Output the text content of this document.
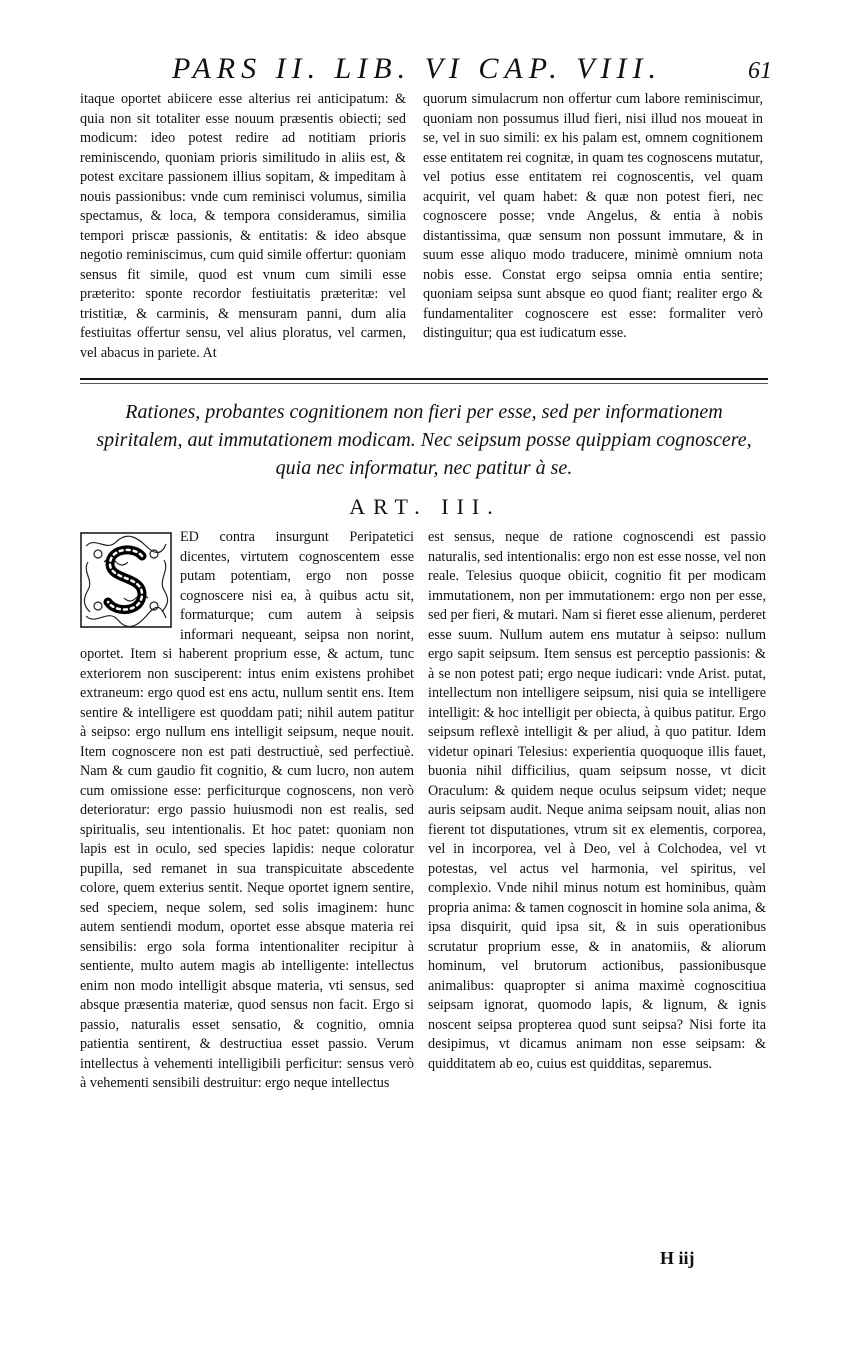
PARS II. LIB. VI CAP. VIII.	61

itaque oportet abiicere esse alterius rei anticipatum: & quia non sit totaliter esse nouum præsentis obiecti; sed modicum: ideo potest redire ad notitiam prioris reminiscendo, quoniam prioris similitudo in aliis est, & potest excitare passionem illius sopitam, & impeditam à nouis passionibus: vnde cum reminisci volumus, similia spectamus, & loca, & tempora consideramus, similia tempori priscæ passionis, & entitatis: & ideo absque negotio reminiscimus, cum quid simile offertur: quoniam sensus fit simile, quod est vnum cum simili esse præterito: sponte recordor festiuitatis præteritæ: vel tristitiæ, & carminis, & mensuram panni, dum alia festiuitas offertur sensu, vel alius ploratus, vel carmen, vel abacus in pariete. At

quorum simulacrum non offertur cum labore reminiscimur, quoniam non possumus illud fieri, nisi illud nos moueat in se, vel in suo simili: ex his palam est, omnem cognitionem esse entitatem rei cognitæ, in quam tes cognoscens mutatur, vel potius esse entitatem rei cognoscentis, vel quam acquirit, vel quam habet: & quæ non potest fieri, nec cognoscere posse; vnde Angelus, & entia à nobis distantissima, quæ sensum non possunt immutare, & in suum esse aliquo modo traducere, minimè omnium nota nobis esse. Constat ergo seipsa omnia entia sentire; quoniam seipsa sunt absque eo quod fiant; realiter ergo & fundamentaliter cognoscere est esse: formaliter verò distinguitur; qua est iudicatum esse.

Rationes, probantes cognitionem non fieri per esse, sed per informationem spiritalem, aut immutationem modicam. Nec seipsum posse quippiam cognoscere, quia nec informatur, nec patitur à se.
ART. III.

ED contra insurgunt Peripatetici dicentes, virtutem cognoscentem esse putam potentiam, ergo non posse cognoscere nisi ea, à quibus actu sit, formaturque; cum autem à seipsis informari nequeant, seipsa non norint, oportet. Item si haberent proprium esse, & actum, tunc exteriorem non susciperent: intus enim existens prohibet extraneum: ergo quod est ens actu, nullum sentit ens. Item sentire & intelligere est quoddam pati; nihil autem patitur à seipso: ergo nullum ens intelligit seipsum, neque nouit. Item cognoscere non est pati destructiuè, sed perfectiuè. Nam & cum gaudio fit cognitio, & cum lucro, non autem cum omissione esse: perficiturque cognoscens, non verò deterioratur: ergo passio huiusmodi non est realis, sed spiritualis, seu intentionalis. Et hoc patet: quoniam non lapis est in oculo, sed species lapidis: neque coloratur pupilla, sed remanet in sua transpicuitate abscedente colore, quem exterius sentit. Neque oportet ignem sentire, sed speciem, neque solem, sed solis imaginem: hunc autem sentiendi modum, oportet esse absque materia rei sensibilis: ergo sola forma intentionaliter recipitur à sentiente, multo autem magis ab intelligente: intellectus enim non modo intelligit absque materia, vti sensus, sed absque præsentia materiæ, quod sensus non facit. Ergo si passio, naturalis esset sensatio, & cognitio, omnia patientia sentirent, & destructiua esset passio. Verum intellectus à vehementi intelligibili perficitur: sensus verò à vehementi sensibili destruitur: ergo neque intellectus

est sensus, neque de ratione cognoscendi est passio naturalis, sed intentionalis: ergo non est esse nosse, vel non reale. Telesius quoque obiicit, cognitio fit per modicam immutationem, non per immutationem: ergo non per esse, sed per fieri, & mutari. Nam si fieret esse alienum, perderet esse suum. Nullum autem ens mutatur à seipso: nullum ergo sapit seipsum. Item sensus est perceptio passionis: & à se non potest pati; ergo neque iudicari: vnde Arist. putat, intellectum non intelligere seipsum, nisi quia se intelligere intelligit: & hoc intelligit per obiecta, à quibus patitur. Ergo seipsum reflexè intelligit & per aliud, à quo patitur. Idem videtur opinari Telesius: experientia quoquoque illis fauet, buonia nihil difficilius, quam seipsum nosse, vt dicit Oraculum: & quidem neque oculus seipsum videt; neque auris seipsam audit. Neque anima seipsam nouit, alias non fierent tot disputationes, vtrum sit ex elementis, corporea, vel in incorporea, vel à Deo, vel à Colchodea, vel vt potestas, vel actus vel harmonia, vel spiritus, vel complexio. Vnde nihil minus notum est hominibus, quàm propria anima: & tamen cognoscit in homine sola anima, & ipsa disquirit, quid ipsa sit, & in suis operationibus scrutatur proprium esse, & in anatomiis, & aliorum hominum, vel brutorum actionibus, passionibusque animalibus: quapropter si anima maximè cognoscitiua seipsam ignorat, quomodo lapis, & lignum, & ignis noscent seipsa propterea quod sunt seipsa? Nisi forte ita desipimus, vt dicamus animam non esse seipsam: & quidditatem ab eo, cuius est quidditas, separemus.

H iij
